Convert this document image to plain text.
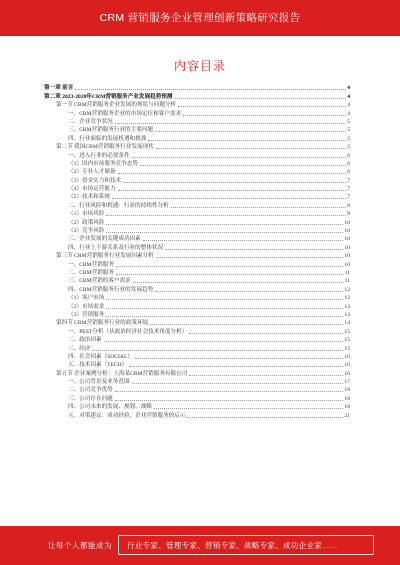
CRM 营销服务企业管理创新策略研究报告
内容目录
第一章 前言	4
第二章 2023-2028年CRM营销服务产业发展趋势预测	4
第一节 CRM营销服务企业发展的现状与问题分析	4
一、CRM营销服务企业的市场定位和客户需求	4
二、企业竞争状况	5
三、CRM营销服务行业的主要问题	5
四、行业面临的发展机遇和挑战	5
第二节 我国CRM营销服务行业发展现状	5
一、进入行业的必要条件	6
（1）国内市场服务竞争态势	6
（2）专业人才储备	6
（3）资金实力和技术	7
（4）市场运营能力	7
（5）技术和系统	7
二、行业风险和机遇：行业的持续性分析	8
（1）市场风险	9
（2）政策风险	10
（3）竞争风险	10
三、企业发展的关键成功因素	10
四、行业上下游关系及行业的整体状况	10
第三节 CRM营销服务行业发展因素分析	10
一、CRM营销服务	10
二、CRM营销服务	11
三、CRM营销的客户需求	11
四、CRM营销服务行业的发展趋势	12
（1）客户市场	12
（2）市场需求	13
（3）营销服务	13
第四节 CRM营销服务行业的政策环境	14
一、PEST分析（从政治经济社会技术角度分析）	15
二、政治因素	15
三、经济	15
四、社会因素（SOCIAL）	16
五、技术因素（TECH）	16
第五节 企业案例分析：上海某CRM营销服务有限公司	16
一、公司背景及业务范围	17
二、公司竞争优势	18
三、公司存在问题	18
四、公司未来的发展、规划、战略	18
五、对策建议：成功经验，企业营销服务的启示	21
让每个人都能成为 行业专家、管理专家、营销专家、战略专家、成功企业家……
